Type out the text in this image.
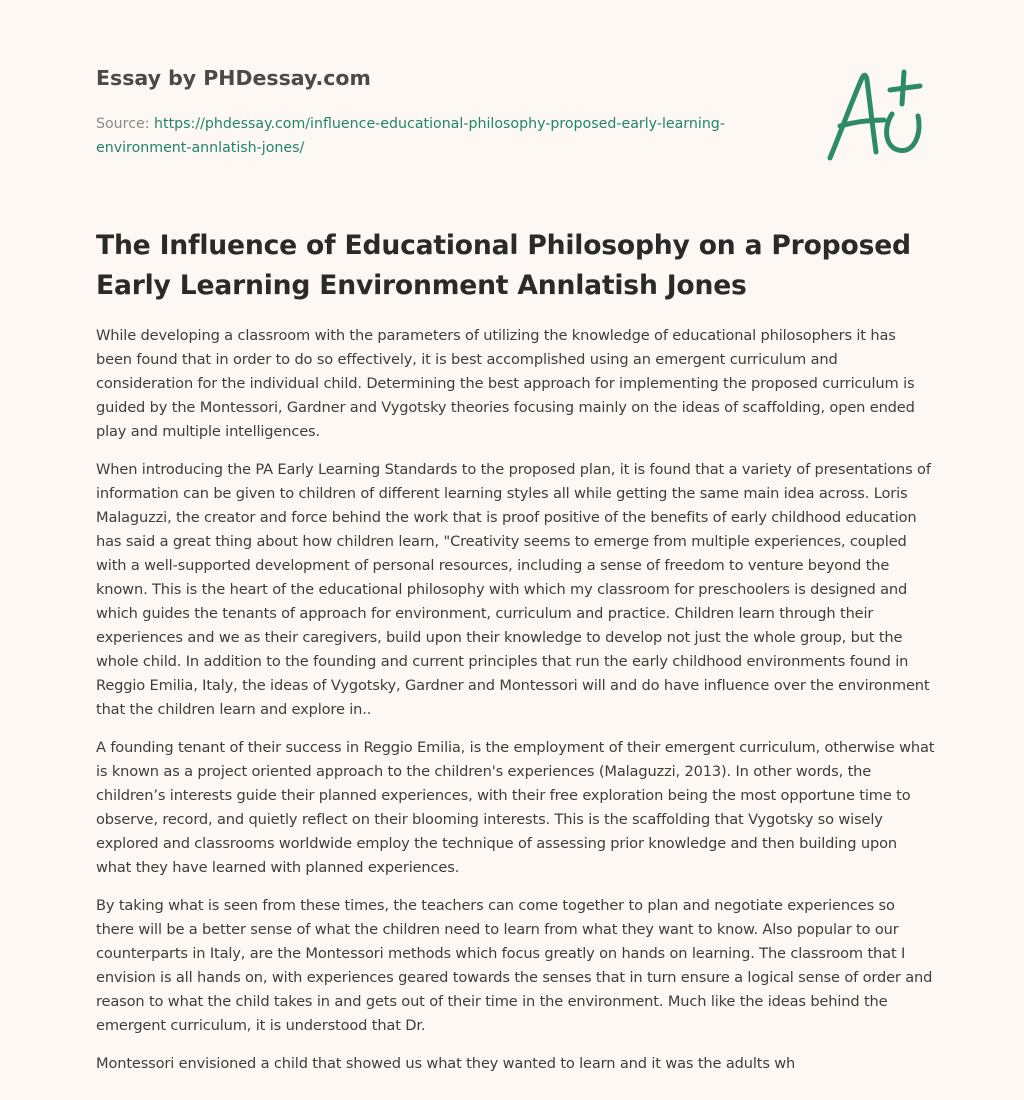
Essay by PHDessay.com
Source: https://phdessay.com/influence-educational-philosophy-proposed-early-learning-environment-annlatish-jones/
The Influence of Educational Philosophy on a Proposed Early Learning Environment Annlatish Jones

While developing a classroom with the parameters of utilizing the knowledge of educational philosophers it has been found that in order to do so effectively, it is best accomplished using an emergent curriculum and consideration for the individual child. Determining the best approach for implementing the proposed curriculum is guided by the Montessori, Gardner and Vygotsky theories focusing mainly on the ideas of scaffolding, open ended play and multiple intelligences.

When introducing the PA Early Learning Standards to the proposed plan, it is found that a variety of presentations of information can be given to children of different learning styles all while getting the same main idea across. Loris Malaguzzi, the creator and force behind the work that is proof positive of the benefits of early childhood education has said a great thing about how children learn, "Creativity seems to emerge from multiple experiences, coupled with a well-supported development of personal resources, including a sense of freedom to venture beyond the known. This is the heart of the educational philosophy with which my classroom for preschoolers is designed and which guides the tenants of approach for environment, curriculum and practice. Children learn through their experiences and we as their caregivers, build upon their knowledge to develop not just the whole group, but the whole child. In addition to the founding and current principles that run the early childhood environments found in Reggio Emilia, Italy, the ideas of Vygotsky, Gardner and Montessori will and do have influence over the environment that the children learn and explore in..

A founding tenant of their success in Reggio Emilia, is the employment of their emergent curriculum, otherwise what is known as a project oriented approach to the children's experiences (Malaguzzi, 2013). In other words, the children’s interests guide their planned experiences, with their free exploration being the most opportune time to observe, record, and quietly reflect on their blooming interests. This is the scaffolding that Vygotsky so wisely explored and classrooms worldwide employ the technique of assessing prior knowledge and then building upon what they have learned with planned experiences.

By taking what is seen from these times, the teachers can come together to plan and negotiate experiences so there will be a better sense of what the children need to learn from what they want to know. Also popular to our counterparts in Italy, are the Montessori methods which focus greatly on hands on learning. The classroom that I envision is all hands on, with experiences geared towards the senses that in turn ensure a logical sense of order and reason to what the child takes in and gets out of their time in the environment. Much like the ideas behind the emergent curriculum, it is understood that Dr.

Montessori envisioned a child that showed us what they wanted to learn and it was the adults wh
